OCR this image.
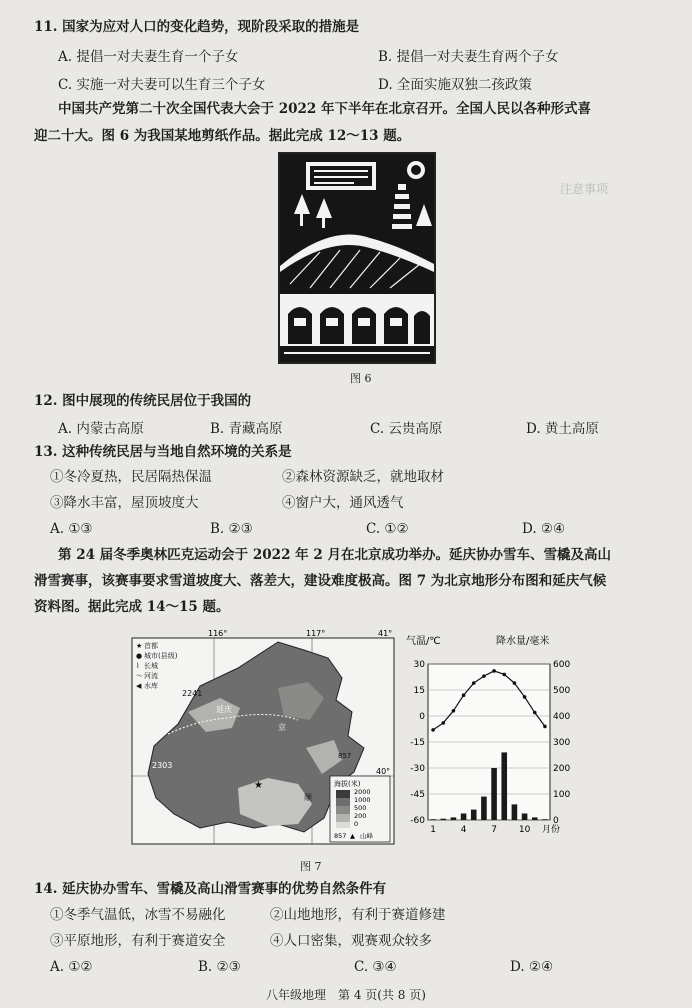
注意事项
11. 国家为应对人口的变化趋势，现阶段采取的措施是
A. 提倡一对夫妻生育一个子女	B. 提倡一对夫妻生育两个子女
C. 实施一对夫妻可以生育三个子女	D. 全面实施双独二孩政策
中国共产党第二十次全国代表大会于 2022 年下半年在北京召开。全国人民以各种形式喜
迎二十大。图 6 为我国某地剪纸作品。据此完成 12～13 题。
图 6
12. 图中展现的传统民居位于我国的
A. 内蒙古高原	B. 青藏高原	C. 云贵高原	D. 黄土高原
13. 这种传统民居与当地自然环境的关系是
①冬冷夏热，民居隔热保温	②森林资源缺乏，就地取材
③降水丰富，屋顶坡度大	④窗户大，通风透气
A. ①③	B. ②③	C. ①②	D. ②④
第 24 届冬季奥林匹克运动会于 2022 年 2 月在北京成功举办。延庆协办雪车、雪橇及高山
滑雪赛事，该赛事要求雪道坡度大、落差大，建设难度极高。图 7 为北京地形分布图和延庆气候
资料图。据此完成 14～15 题。
116°	117°	41°
40°
★ 首都
● 城市(县级)
⌇ 长城
～ 河流
◀ 水库
2241
2303
857
延庆
京
顺
★	海拔(米)
2000
1000
500
200
0
857 ▲ 山峰
气温/℃	降水量/毫米
30
15
0
-15
-30
-45
-60
600
500
400
300
200
100
0
1	4	7 10 月份
图 7
14. 延庆协办雪车、雪橇及高山滑雪赛事的优势自然条件有
①冬季气温低，冰雪不易融化	②山地地形，有利于赛道修建
③平原地形，有利于赛道安全	④人口密集，观赛观众较多
A. ①②	B. ②③	C. ③④	D. ②④
八年级地理　第 4 页(共 8 页)
